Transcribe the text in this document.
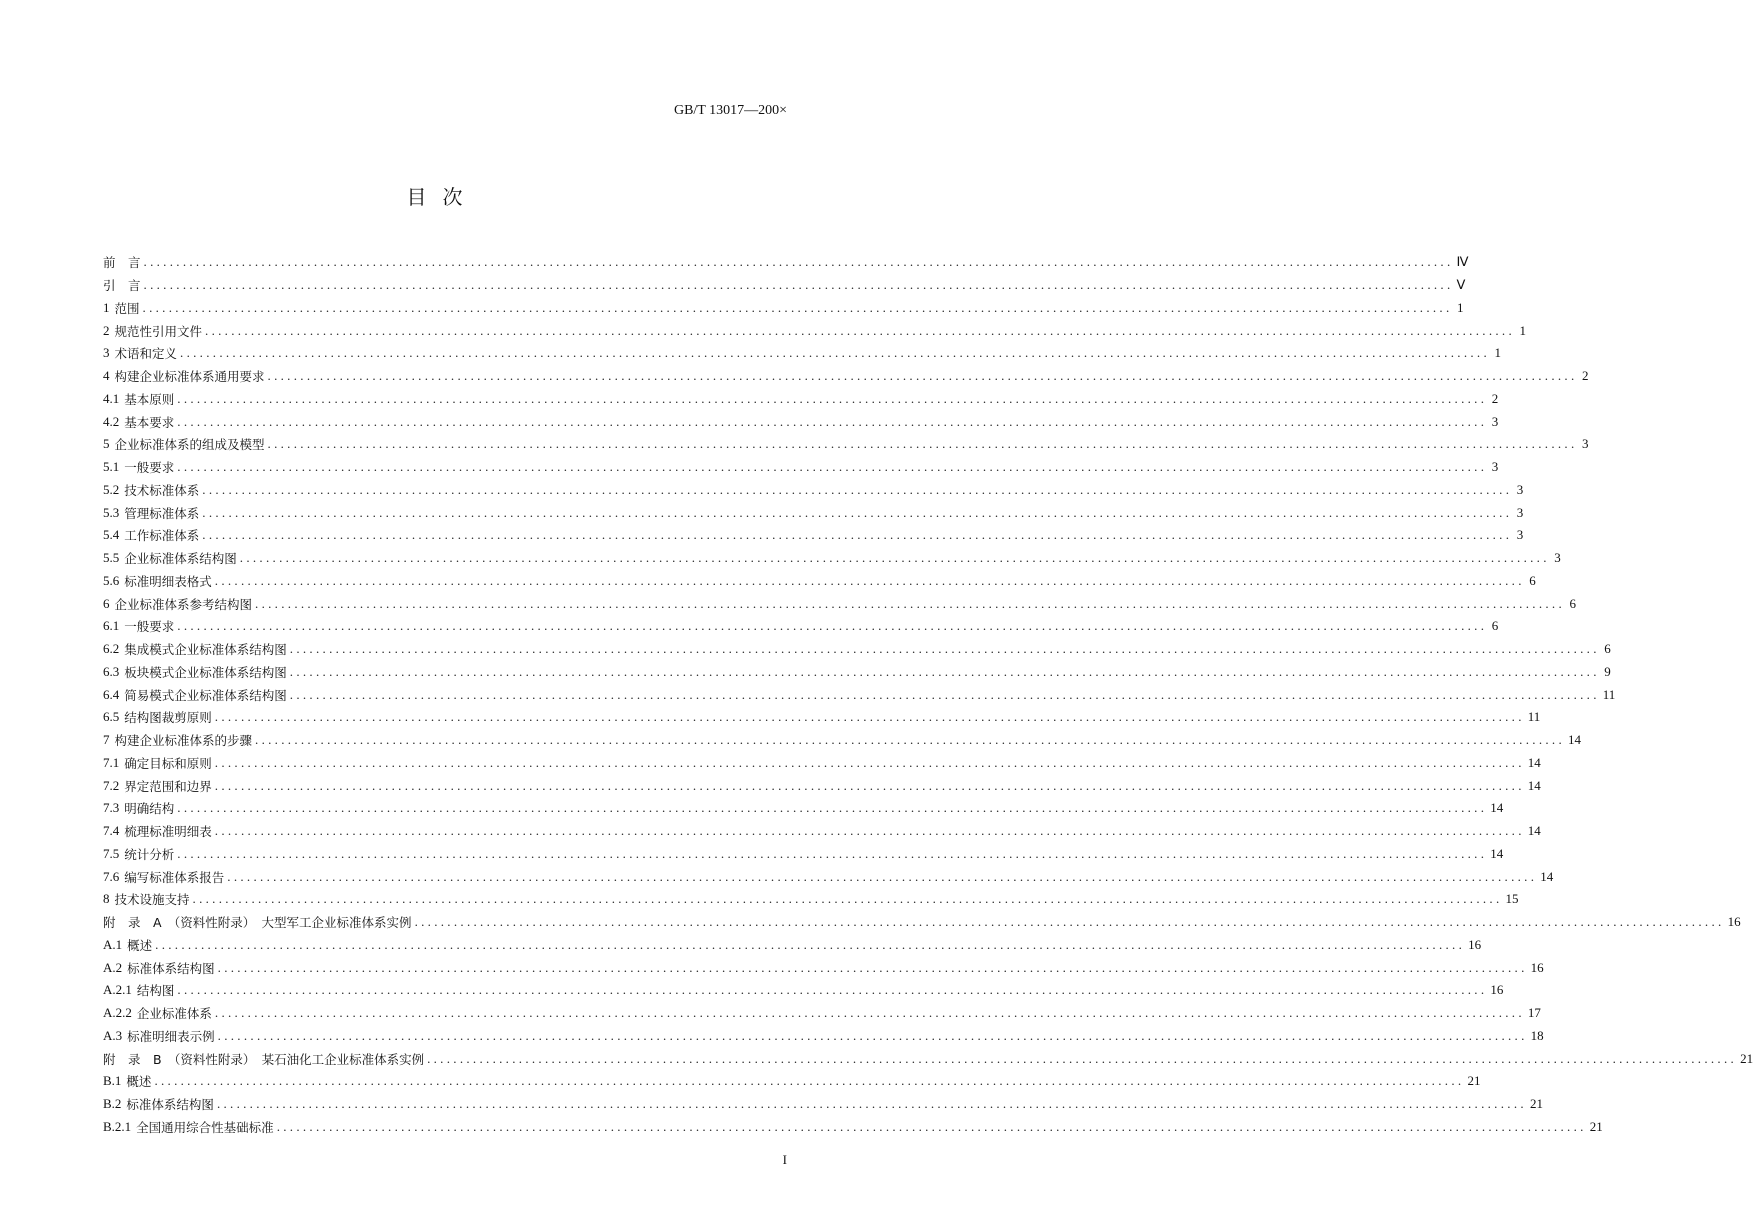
GB/T 13017—200×
目次
前　言 ........................................................................................................................................................................................................ Ⅳ
引　言 ........................................................................................................................................................................................................ Ⅴ
1 范围 ........................................................................................................................................................................................................ 1
2 规范性引用文件 ........................................................................................................................................................................................................ 1
3 术语和定义 ........................................................................................................................................................................................................ 1
4 构建企业标准体系通用要求 ........................................................................................................................................................................................................ 2
4.1 基本原则 ........................................................................................................................................................................................................ 2
4.2 基本要求 ........................................................................................................................................................................................................ 3
5 企业标准体系的组成及模型 ........................................................................................................................................................................................................ 3
5.1 一般要求 ........................................................................................................................................................................................................ 3
5.2 技术标准体系 ........................................................................................................................................................................................................ 3
5.3 管理标准体系 ........................................................................................................................................................................................................ 3
5.4 工作标准体系 ........................................................................................................................................................................................................ 3
5.5 企业标准体系结构图 ........................................................................................................................................................................................................ 3
5.6 标准明细表格式 ........................................................................................................................................................................................................ 6
6 企业标准体系参考结构图 ........................................................................................................................................................................................................ 6
6.1 一般要求 ........................................................................................................................................................................................................ 6
6.2 集成模式企业标准体系结构图 ........................................................................................................................................................................................................ 6
6.3 板块模式企业标准体系结构图 ........................................................................................................................................................................................................ 9
6.4 简易模式企业标准体系结构图 ........................................................................................................................................................................................................ 11
6.5 结构图裁剪原则 ........................................................................................................................................................................................................ 11
7 构建企业标准体系的步骤 ........................................................................................................................................................................................................ 14
7.1 确定目标和原则 ........................................................................................................................................................................................................ 14
7.2 界定范围和边界 ........................................................................................................................................................................................................ 14
7.3 明确结构 ........................................................................................................................................................................................................ 14
7.4 梳理标准明细表 ........................................................................................................................................................................................................ 14
7.5 统计分析 ........................................................................................................................................................................................................ 14
7.6 编写标准体系报告 ........................................................................................................................................................................................................ 14
8 技术设施支持 ........................................................................................................................................................................................................ 15
附　录　A　（资料性附录）　大型军工企业标准体系实例 ........................................................................................................................................................................................................ 16
A.1 概述 ........................................................................................................................................................................................................ 16
A.2 标准体系结构图 ........................................................................................................................................................................................................ 16
A.2.1 结构图 ........................................................................................................................................................................................................ 16
A.2.2 企业标准体系 ........................................................................................................................................................................................................ 17
A.3 标准明细表示例 ........................................................................................................................................................................................................ 18
附　录　B　（资料性附录）　某石油化工企业标准体系实例 ........................................................................................................................................................................................................ 21
B.1 概述 ........................................................................................................................................................................................................ 21
B.2 标准体系结构图 ........................................................................................................................................................................................................ 21
B.2.1 全国通用综合性基础标准 ........................................................................................................................................................................................................ 21
I
